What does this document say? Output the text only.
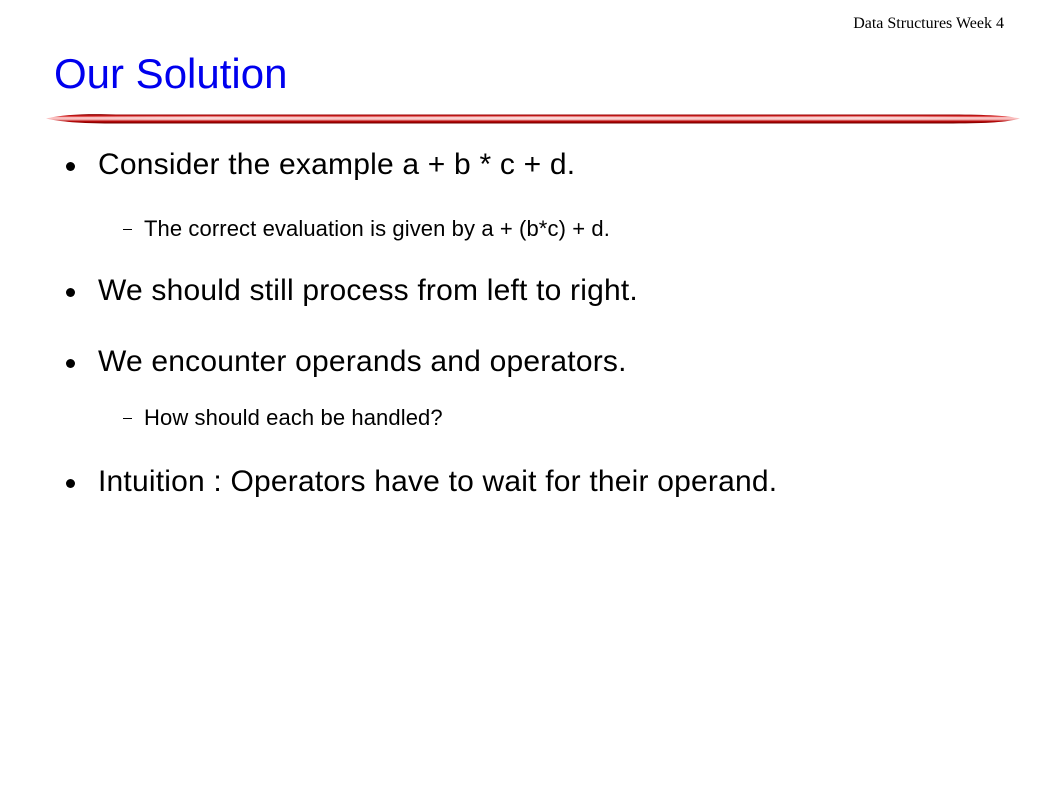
Data Structures Week 4
Our Solution
Consider the example a + b * c + d.
The correct evaluation is given by a + (b*c) + d.
We should still process from left to right.
We encounter operands and operators.
How should each be handled?
Intuition : Operators have to wait for their operand.
